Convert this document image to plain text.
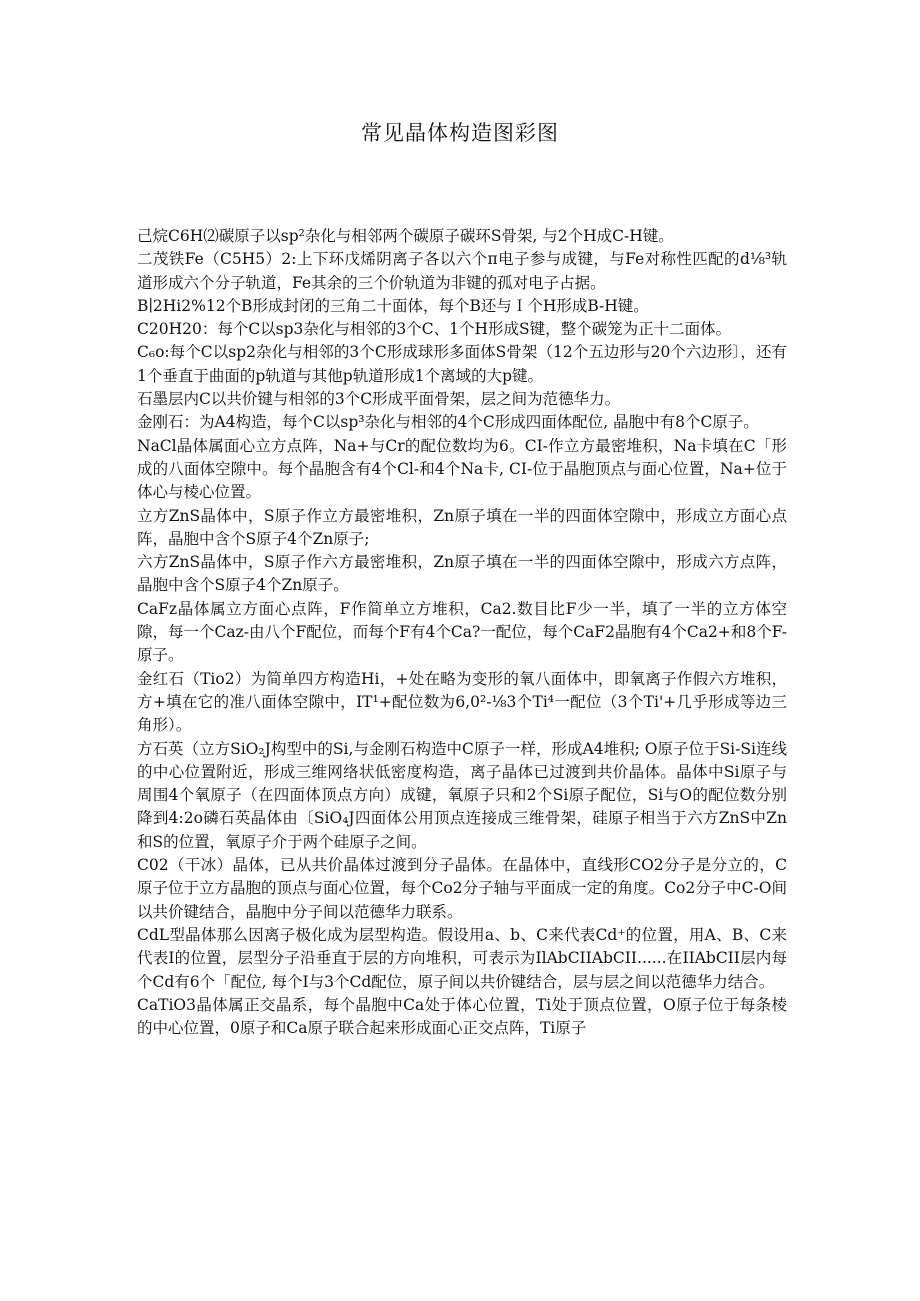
常见晶体构造图彩图

己烷C6H⑵碳原子以sp²杂化与相邻两个碳原子碳环S骨架, 与2个H成C-H键。

二茂铁Fe（C5H5）2:上下环戊烯阴离子各以六个π电子参与成键，与Fe对称性匹配的d⅛³轨道形成六个分子轨道，Fe其余的三个价轨道为非键的孤对电子占据。

B∣2Hi2%12个B形成封闭的三角二十面体，每个B还与Ｉ个H形成B-H键。

C20H20：每个C以sp3杂化与相邻的3个C、1个H形成S键，整个碳笼为正十二面体。

C₆o:每个C以sp2杂化与相邻的3个C形成球形多面体S骨架（12个五边形与20个六边形〕，还有1个垂直于曲面的p轨道与其他p轨道形成1个离域的大p键。

石墨层内C以共价键与相邻的3个C形成平面骨架，层之间为范德华力。

金刚石：为A4构造，每个C以sp³杂化与相邻的4个C形成四面体配位, 晶胞中有8个C原子。

NaCl晶体属面心立方点阵，Na+与Cr的配位数均为6。CI-作立方最密堆积，Na卡填在C「形成的八面体空隙中。每个晶胞含有4个Cl-和4个Na卡, CI-位于晶胞顶点与面心位置，Na+位于体心与棱心位置。

立方ZnS晶体中，S原子作立方最密堆积，Zn原子填在一半的四面体空隙中，形成立方面心点阵，晶胞中含个S原子4个Zn原子;

六方ZnS晶体中，S原子作六方最密堆积，Zn原子填在一半的四面体空隙中，形成六方点阵，晶胞中含个S原子4个Zn原子。

CaFz晶体属立方面心点阵，F作简单立方堆积，Ca2.数目比F少一半，填了一半的立方体空隙，每一个Caz-由八个F配位，而每个F有4个Ca?一配位，每个CaF2晶胞有4个Ca2+和8个F-原子。

金红石（Tio2）为简单四方构造Hi，+处在略为变形的氧八面体中，即氧离子作假六方堆积，方+填在它的准八面体空隙中，IT¹+配位数为6,0²-⅛3个Ti⁴一配位（3个Ti'+几乎形成等边三角形）。

方石英（立方SiO₂J构型中的Si,与金刚石构造中C原子一样，形成A4堆积; O原子位于Si-Si连线的中心位置附近，形成三维网络状低密度构造，离子晶体已过渡到共价晶体。晶体中Si原子与周围4个氧原子（在四面体顶点方向）成键，氧原子只和2个Si原子配位，Si与O的配位数分别降到4:2o磷石英晶体由〔SiO₄J四面体公用顶点连接成三维骨架，硅原子相当于六方ZnS中Zn和S的位置，氧原子介于两个硅原子之间。

C02（干冰）晶体，已从共价晶体过渡到分子晶体。在晶体中，直线形CO2分子是分立的，C原子位于立方晶胞的顶点与面心位置，每个Co2分子轴与平面成一定的角度。Co2分子中C-O间以共价键结合，晶胞中分子间以范德华力联系。

CdL型晶体那么因离子极化成为层型构造。假设用a、b、C来代表Cd⁺的位置，用A、B、C来代表I的位置，层型分子沿垂直于层的方向堆积，可表示为IlAbCIIAbCII......在IIAbCII层内每个Cd有6个「配位, 每个I与3个Cd配位，原子间以共价键结合，层与层之间以范德华力结合。

CaTiO3晶体属正交晶系，每个晶胞中Ca处于体心位置，Ti处于顶点位置，O原子位于每条棱的中心位置，0原子和Ca原子联合起来形成面心正交点阵，Ti原子
